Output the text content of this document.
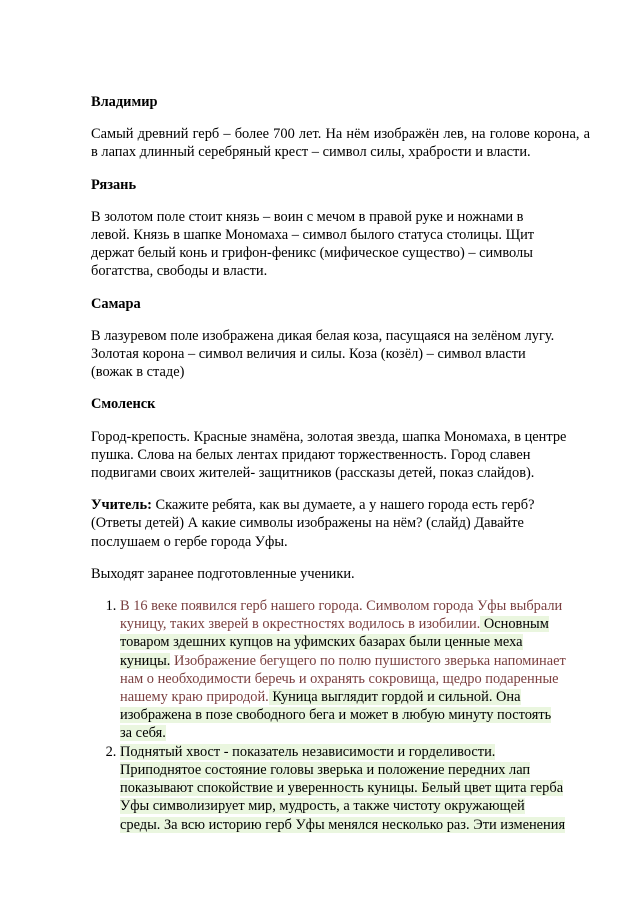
Владимир

Самый древний герб – более 700 лет. На нём изображён лев, на голове корона, а в лапах длинный серебряный крест – символ силы, храбрости и власти.

Рязань

В золотом поле стоит князь – воин с мечом в правой руке и ножнами в

левой. Князь в шапке Мономаха – символ былого статуса столицы. Щит

держат белый конь и грифон-феникс (мифическое существо) – символы

богатства, свободы и власти.

Самара

В лазуревом поле изображена дикая белая коза, пасущаяся на зелёном лугу.

Золотая корона – символ величия и силы. Коза (козёл) – символ власти

(вожак в стаде)

Смоленск

Город-крепость. Красные знамёна, золотая звезда, шапка Мономаха, в центре

пушка. Слова на белых лентах придают торжественность. Город славен

подвигами своих жителей- защитников (рассказы детей, показ слайдов).

Учитель: Скажите ребята, как вы думаете, а у нашего города есть герб?

(Ответы детей) А какие символы изображены на нём? (слайд) Давайте

послушаем о гербе города Уфы.

Выходят заранее подготовленные ученики.

1. В 16 веке появился герб нашего города. Символом города Уфы выбрали
куницу, таких зверей в окрестностях водилось в изобилии. Основным
товаром здешних купцов на уфимских базарах были ценные меха
куницы. Изображение бегущего по полю пушистого зверька напоминает
нам о необходимости беречь и охранять сокровища, щедро подаренные
нашему краю природой. Куница выглядит гордой и сильной. Она
изображена в позе свободного бега и может в любую минуту постоять
за себя.
2. Поднятый хвост - показатель независимости и горделивости.
Приподнятое состояние головы зверька и положение передних лап
показывают спокойствие и уверенность куницы. Белый цвет щита герба
Уфы символизирует мир, мудрость, а также чистоту окружающей
среды. За всю историю герб Уфы менялся несколько раз. Эти изменения
